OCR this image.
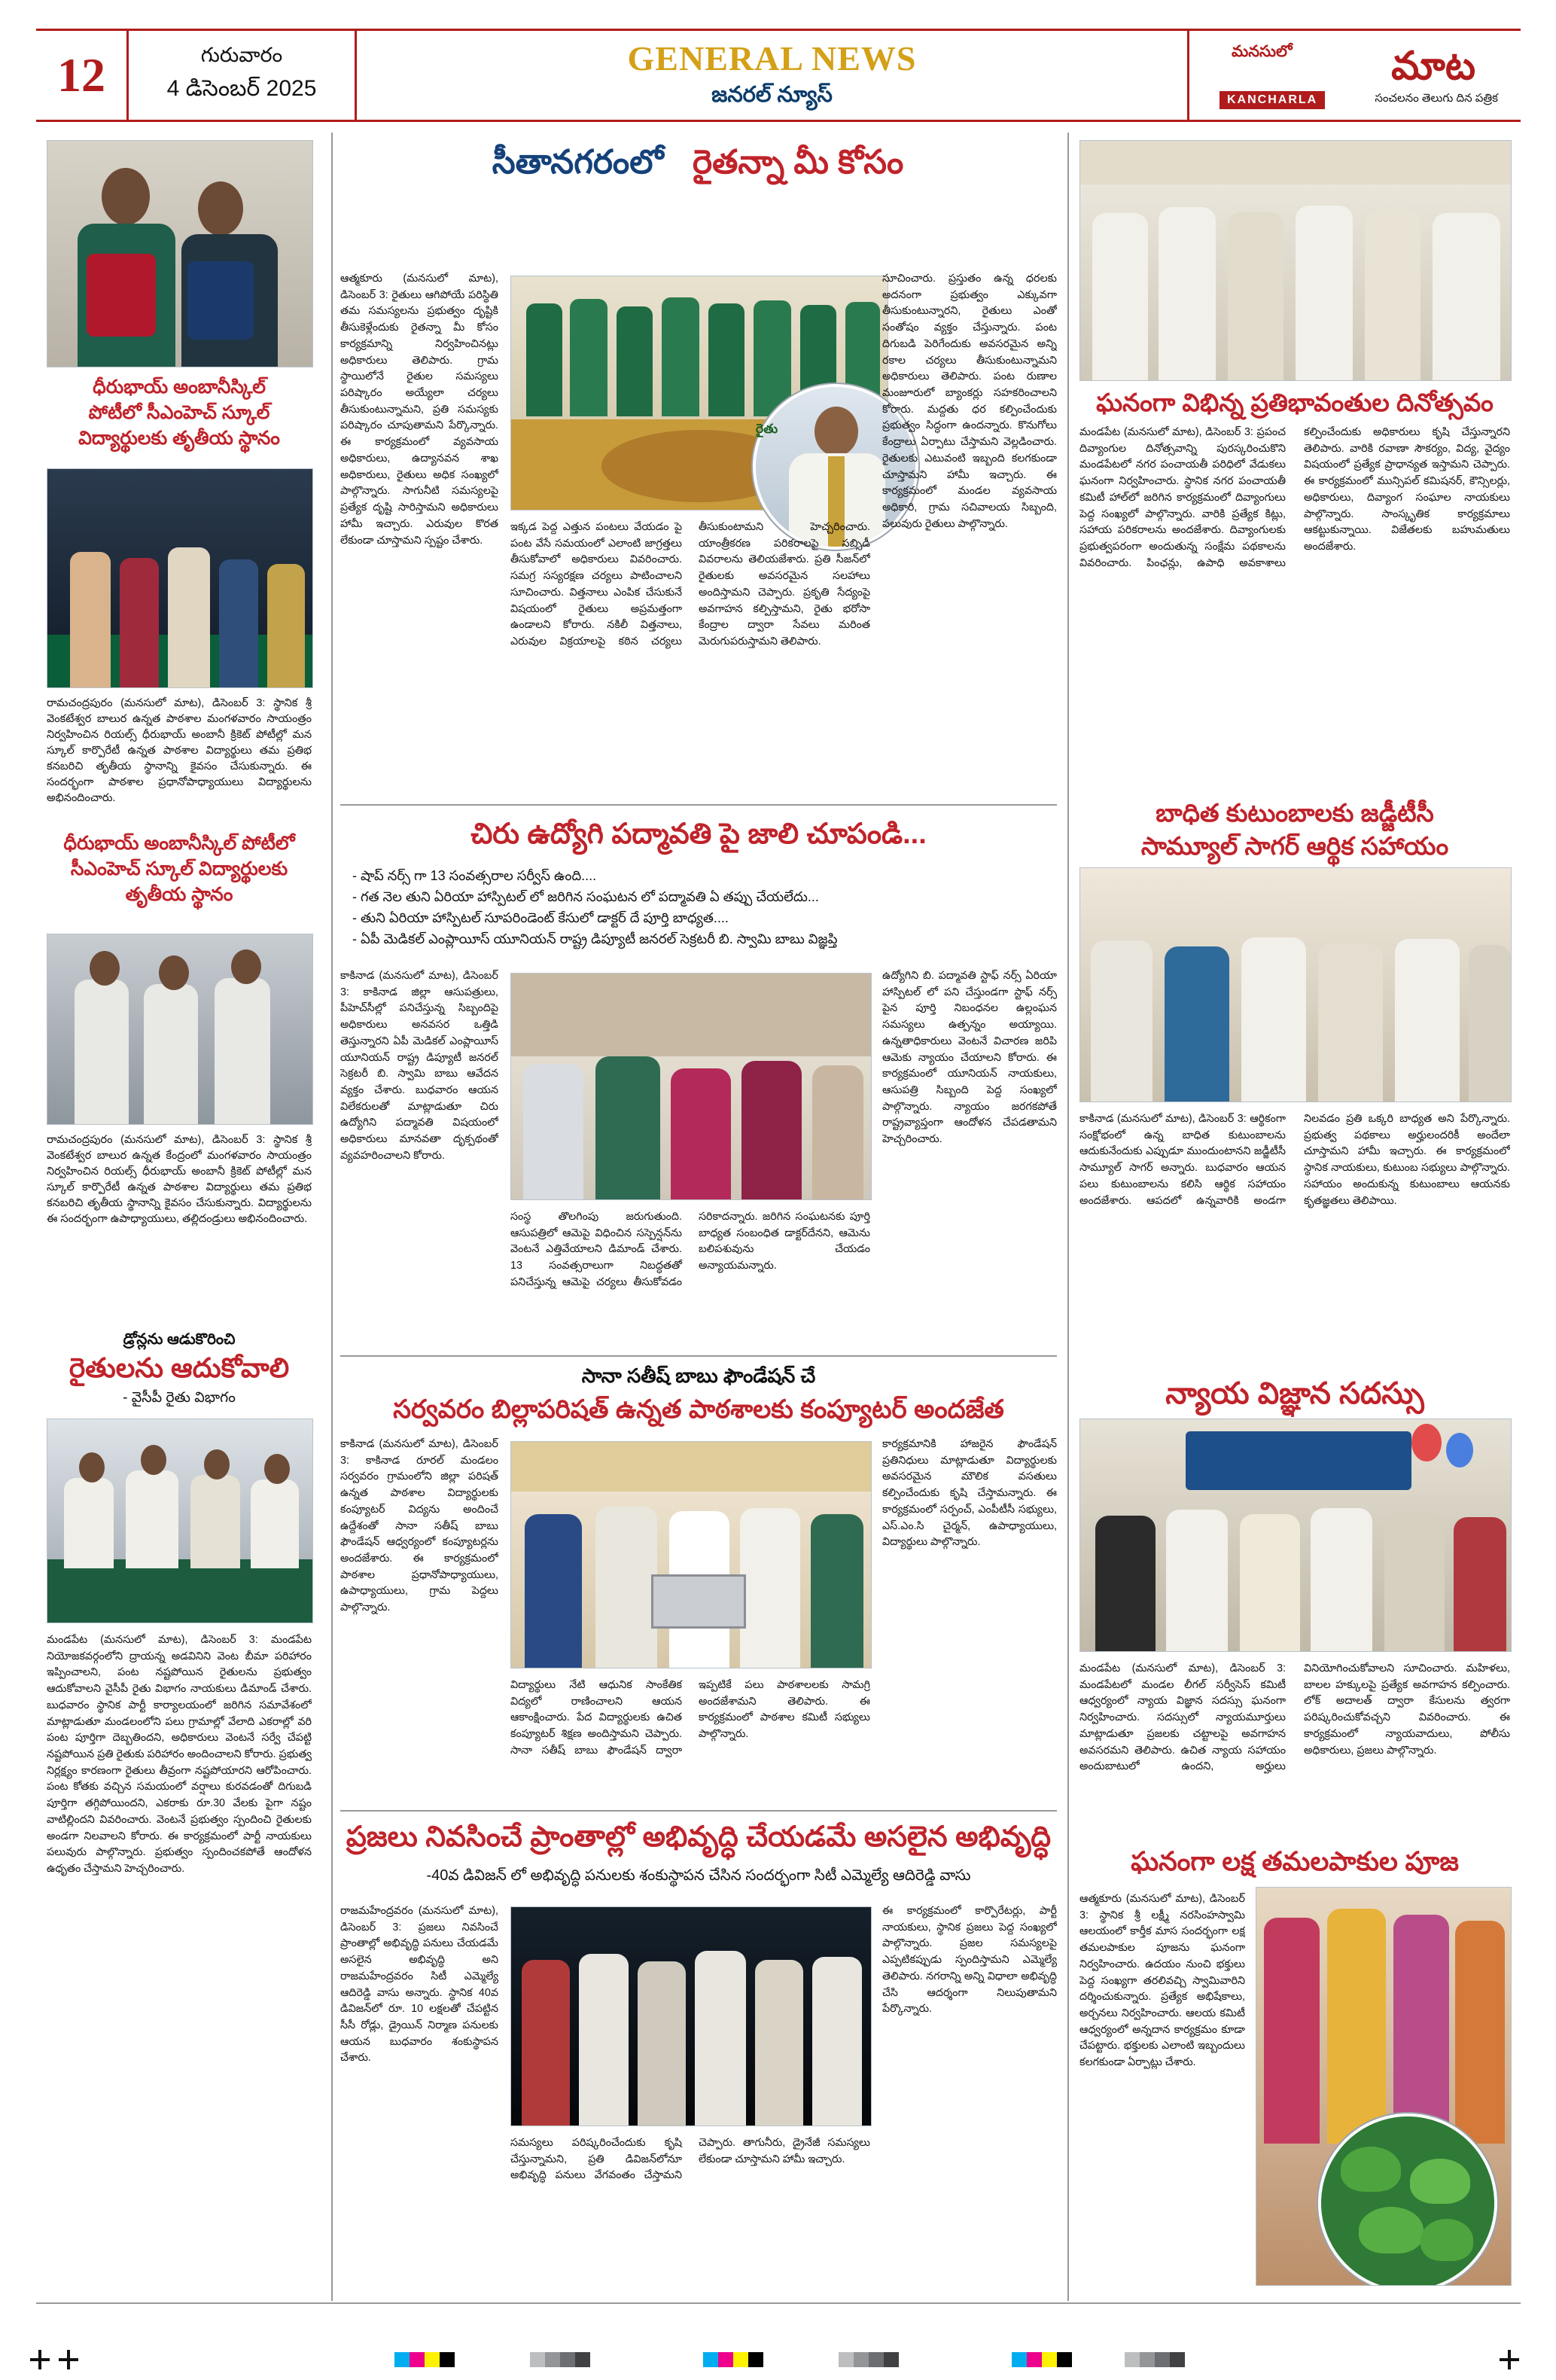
12	గురువారం
4 డిసెంబర్ 2025
GENERAL NEWS
జనరల్ న్యూస్
మనసులో	మాట
KANCHARLA	సంచలనం తెలుగు దిన పత్రిక
ధీరుభాయ్ అంబానీస్కిల్
పోటీలో సీఎంహెచ్ స్కూల్
విద్యార్థులకు తృతీయ స్థానం
రామచంద్రపురం (మనసులో మాట), డిసెంబర్ 3: స్థానిక శ్రీ వెంకటేశ్వర బాలుర ఉన్నత పాఠశాల మంగళవారం సాయంత్రం నిర్వహించిన రియల్స్ ధీరుభాయ్ అంబానీ క్రికెట్ పోటీల్లో మన స్కూల్ కార్పొరేటీ ఉన్నత పాఠశాల విద్యార్థులు తమ ప్రతిభ కనబరిచి తృతీయ స్థానాన్ని కైవసం చేసుకున్నారు. ఈ సందర్భంగా పాఠశాల ప్రధానోపాధ్యాయులు విద్యార్థులను అభినందించారు.
ధీరుభాయ్ అంబానీస్కిల్ పోటీలో
సీఎంహెచ్ స్కూల్ విద్యార్థులకు
తృతీయ స్థానం
రామచంద్రపురం (మనసులో మాట), డిసెంబర్ 3: స్థానిక శ్రీ వెంకటేశ్వర బాలుర ఉన్నత కేంద్రంలో మంగళవారం సాయంత్రం నిర్వహించిన రియల్స్ ధీరుభాయ్ అంబానీ క్రికెట్ పోటీల్లో మన స్కూల్ కార్పొరేటీ ఉన్నత పాఠశాల విద్యార్థులు తమ ప్రతిభ కనబరిచి తృతీయ స్థానాన్ని కైవసం చేసుకున్నారు. విద్యార్థులను ఈ సందర్భంగా ఉపాధ్యాయులు, తల్లిదండ్రులు అభినందించారు.
డ్రోన్లను ఆడుకొరించి
రైతులను ఆదుకోవాలి
- వైసీపీ రైతు విభాగం
మండపేట (మనసులో మాట), డిసెంబర్ 3: మండపేట నియోజకవర్గంలోని ద్రాయన్న అడవినిని వెంట బీమా పరిహారం ఇప్పించాలని, పంట నష్టపోయిన రైతులను ప్రభుత్వం ఆదుకోవాలని వైసీపీ రైతు విభాగం నాయకులు డిమాండ్ చేశారు. బుధవారం స్థానిక పార్టీ కార్యాలయంలో జరిగిన సమావేశంలో మాట్లాడుతూ మండలంలోని పలు గ్రామాల్లో వేలాది ఎకరాల్లో వరి పంట పూర్తిగా దెబ్బతిందని, అధికారులు వెంటనే సర్వే చేపట్టి నష్టపోయిన ప్రతి రైతుకు పరిహారం అందించాలని కోరారు. ప్రభుత్వ నిర్లక్ష్యం కారణంగా రైతులు తీవ్రంగా నష్టపోయారని ఆరోపించారు. పంట కోతకు వచ్చిన సమయంలో వర్షాలు కురవడంతో దిగుబడి పూర్తిగా తగ్గిపోయిందని, ఎకరాకు రూ.30 వేలకు పైగా నష్టం వాటిల్లిందని వివరించారు. వెంటనే ప్రభుత్వం స్పందించి రైతులకు అండగా నిలవాలని కోరారు. ఈ కార్యక్రమంలో పార్టీ నాయకులు పలువురు పాల్గొన్నారు. ప్రభుత్వం స్పందించకపోతే ఆందోళన ఉధృతం చేస్తామని హెచ్చరించారు.
సీతానగరంలో రైతన్నా మీ కోసం
ఆత్మకూరు (మనసులో మాట), డిసెంబర్ 3: రైతులు ఆగిపోయే పరిస్థితి తమ సమస్యలను ప్రభుత్వం దృష్టికి తీసుకెళ్లేందుకు రైతన్నా మీ కోసం కార్యక్రమాన్ని నిర్వహించినట్లు అధికారులు తెలిపారు. గ్రామ స్థాయిలోనే రైతుల సమస్యలు పరిష్కారం అయ్యేలా చర్యలు తీసుకుంటున్నామని, ప్రతి సమస్యకు పరిష్కారం చూపుతామని పేర్కొన్నారు. ఈ కార్యక్రమంలో వ్యవసాయ అధికారులు, ఉద్యానవన శాఖ అధికారులు, రైతులు అధిక సంఖ్యలో పాల్గొన్నారు. సాగునీటి సమస్యలపై ప్రత్యేక దృష్టి సారిస్తామని అధికారులు హామీ ఇచ్చారు. ఎరువుల కొరత లేకుండా చూస్తామని స్పష్టం చేశారు.
రైతు
ఇక్కడ పెద్ద ఎత్తున పంటలు వేయడం పై పంట వేసే సమయంలో ఎలాంటి జాగ్రత్తలు తీసుకోవాలో అధికారులు వివరించారు. సమగ్ర సస్యరక్షణ చర్యలు పాటించాలని సూచించారు. విత్తనాలు ఎంపిక చేసుకునే విషయంలో రైతులు అప్రమత్తంగా ఉండాలని కోరారు. నకిలీ విత్తనాలు, ఎరువుల విక్రయాలపై కఠిన చర్యలు తీసుకుంటామని హెచ్చరించారు. యాంత్రీకరణ పరికరాలపై సబ్సిడీ వివరాలను తెలియజేశారు. ప్రతి సీజన్‌లో రైతులకు అవసరమైన సలహాలు అందిస్తామని చెప్పారు. ప్రకృతి సేద్యంపై అవగాహన కల్పిస్తామని, రైతు భరోసా కేంద్రాల ద్వారా సేవలు మరింత మెరుగుపరుస్తామని తెలిపారు.
సూచించారు. ప్రస్తుతం ఉన్న ధరలకు అదనంగా ప్రభుత్వం ఎక్కువగా తీసుకుంటున్నారని, రైతులు ఎంతో సంతోషం వ్యక్తం చేస్తున్నారు. పంట దిగుబడి పెరిగేందుకు అవసరమైన అన్ని రకాల చర్యలు తీసుకుంటున్నామని అధికారులు తెలిపారు. పంట రుణాల మంజూరులో బ్యాంకర్లు సహకరించాలని కోరారు. మద్దతు ధర కల్పించేందుకు ప్రభుత్వం సిద్ధంగా ఉందన్నారు. కొనుగోలు కేంద్రాలు ఏర్పాటు చేస్తామని వెల్లడించారు. రైతులకు ఎటువంటి ఇబ్బంది కలగకుండా చూస్తామని హామీ ఇచ్చారు. ఈ కార్యక్రమంలో మండల వ్యవసాయ అధికారి, గ్రామ సచివాలయ సిబ్బంది, పలువురు రైతులు పాల్గొన్నారు.
చిరు ఉద్యోగి పద్మావతి పై జాలి చూపండి...
- షాప్ నర్స్ గా 13 సంవత్సరాల సర్వీస్ ఉంది....
- గత నెల తుని ఏరియా హాస్పిటల్ లో జరిగిన సంఘటన లో పద్మావతి ఏ తప్పు చేయలేదు...
- తుని ఏరియా హాస్పిటల్ సూపరిండెంట్ కేసులో డాక్టర్ దే పూర్తి బాధ్యత....
- ఏపీ మెడికల్ ఎంప్లాయీస్ యూనియన్ రాష్ట్ర డిప్యూటీ జనరల్ సెక్రటరీ బి. స్వామి బాబు విజ్ఞప్తి
కాకినాడ (మనసులో మాట), డిసెంబర్ 3: కాకినాడ జిల్లా ఆసుపత్రులు, పీహెచ్‌సీల్లో పనిచేస్తున్న సిబ్బందిపై అధికారులు అనవసర ఒత్తిడి తెస్తున్నారని ఏపీ మెడికల్ ఎంప్లాయీస్ యూనియన్ రాష్ట్ర డిప్యూటీ జనరల్ సెక్రటరీ బి. స్వామి బాబు ఆవేదన వ్యక్తం చేశారు. బుధవారం ఆయన విలేకరులతో మాట్లాడుతూ చిరు ఉద్యోగిని పద్మావతి విషయంలో అధికారులు మానవతా దృక్పథంతో వ్యవహరించాలని కోరారు.
సంస్థ తొలగింపు జరుగుతుంది. ఆసుపత్రిలో ఆమెపై విధించిన సస్పెన్షన్‌ను వెంటనే ఎత్తివేయాలని డిమాండ్ చేశారు. 13 సంవత్సరాలుగా నిబద్ధతతో పనిచేస్తున్న ఆమెపై చర్యలు తీసుకోవడం సరికాదన్నారు. జరిగిన సంఘటనకు పూర్తి బాధ్యత సంబంధిత డాక్టర్‌దేనని, ఆమెను బలిపశువును చేయడం అన్యాయమన్నారు.
ఉద్యోగిని బి. పద్మావతి స్టాఫ్ నర్స్ ఏరియా హాస్పిటల్ లో పని చేస్తుండగా స్టాఫ్ నర్స్ పైన పూర్తి నిబంధనల ఉల్లంఘన సమస్యలు ఉత్పన్నం అయ్యాయి. ఉన్నతాధికారులు వెంటనే విచారణ జరిపి ఆమెకు న్యాయం చేయాలని కోరారు. ఈ కార్యక్రమంలో యూనియన్ నాయకులు, ఆసుపత్రి సిబ్బంది పెద్ద సంఖ్యలో పాల్గొన్నారు. న్యాయం జరగకపోతే రాష్ట్రవ్యాప్తంగా ఆందోళన చేపడతామని హెచ్చరించారు.
సానా సతీష్ బాబు ఫౌండేషన్ చే
సర్వవరం బిల్లాపరిషత్ ఉన్నత పాఠశాలకు కంప్యూటర్ అందజేత
కాకినాడ (మనసులో మాట), డిసెంబర్ 3: కాకినాడ రూరల్ మండలం సర్వవరం గ్రామంలోని జిల్లా పరిషత్ ఉన్నత పాఠశాల విద్యార్థులకు కంప్యూటర్ విద్యను అందించే ఉద్దేశంతో సానా సతీష్ బాబు ఫౌండేషన్ ఆధ్వర్యంలో కంప్యూటర్లను అందజేశారు. ఈ కార్యక్రమంలో పాఠశాల ప్రధానోపాధ్యాయులు, ఉపాధ్యాయులు, గ్రామ పెద్దలు పాల్గొన్నారు.
విద్యార్థులు నేటి ఆధునిక సాంకేతిక విద్యలో రాణించాలని ఆయన ఆకాంక్షించారు. పేద విద్యార్థులకు ఉచిత కంప్యూటర్ శిక్షణ అందిస్తామని చెప్పారు. సానా సతీష్ బాబు ఫౌండేషన్ ద్వారా ఇప్పటికే పలు పాఠశాలలకు సామగ్రి అందజేశామని తెలిపారు. ఈ కార్యక్రమంలో పాఠశాల కమిటీ సభ్యులు పాల్గొన్నారు.
కార్యక్రమానికి హాజరైన ఫౌండేషన్ ప్రతినిధులు మాట్లాడుతూ విద్యార్థులకు అవసరమైన మౌలిక వసతులు కల్పించేందుకు కృషి చేస్తామన్నారు. ఈ కార్యక్రమంలో సర్పంచ్, ఎంపీటీసీ సభ్యులు, ఎస్.ఎం.సి చైర్మన్, ఉపాధ్యాయులు, విద్యార్థులు పాల్గొన్నారు.
ప్రజలు నివసించే ప్రాంతాల్లో అభివృద్ధి చేయడమే అసలైన అభివృద్ధి
-40వ డివిజన్ లో అభివృద్ధి పనులకు శంకుస్థాపన చేసిన సందర్భంగా సిటీ ఎమ్మెల్యే ఆదిరెడ్డి వాసు
రాజమహేంద్రవరం (మనసులో మాట), డిసెంబర్ 3: ప్రజలు నివసించే ప్రాంతాల్లో అభివృద్ధి పనులు చేయడమే అసలైన అభివృద్ధి అని రాజమహేంద్రవరం సిటీ ఎమ్మెల్యే ఆదిరెడ్డి వాసు అన్నారు. స్థానిక 40వ డివిజన్‌లో రూ. 10 లక్షలతో చేపట్టిన సీసీ రోడ్లు, డ్రైయిన్ నిర్మాణ పనులకు ఆయన బుధవారం శంకుస్థాపన చేశారు.
సమస్యలు పరిష్కరించేందుకు కృషి చేస్తున్నామని, ప్రతి డివిజన్‌లోనూ అభివృద్ధి పనులు వేగవంతం చేస్తామని చెప్పారు. తాగునీరు, డ్రైనేజీ సమస్యలు లేకుండా చూస్తామని హామీ ఇచ్చారు.
ఈ కార్యక్రమంలో కార్పొరేటర్లు, పార్టీ నాయకులు, స్థానిక ప్రజలు పెద్ద సంఖ్యలో పాల్గొన్నారు. ప్రజల సమస్యలపై ఎప్పటికప్పుడు స్పందిస్తామని ఎమ్మెల్యే తెలిపారు. నగరాన్ని అన్ని విధాలా అభివృద్ధి చేసి ఆదర్శంగా నిలుపుతామని పేర్కొన్నారు.
ఘనంగా విభిన్న ప్రతిభావంతుల దినోత్సవం
మండపేట (మనసులో మాట), డిసెంబర్ 3: ప్రపంచ దివ్యాంగుల దినోత్సవాన్ని పురస్కరించుకొని మండపేటలో నగర పంచాయతీ పరిధిలో వేడుకలు ఘనంగా నిర్వహించారు. స్థానిక నగర పంచాయతీ కమిటీ హాల్‌లో జరిగిన కార్యక్రమంలో దివ్యాంగులు పెద్ద సంఖ్యలో పాల్గొన్నారు. వారికి ప్రత్యేక కిట్లు, సహాయ పరికరాలను అందజేశారు. దివ్యాంగులకు ప్రభుత్వపరంగా అందుతున్న సంక్షేమ పథకాలను వివరించారు. పింఛన్లు, ఉపాధి అవకాశాలు కల్పించేందుకు అధికారులు కృషి చేస్తున్నారని తెలిపారు. వారికి రవాణా సౌకర్యం, విద్య, వైద్యం విషయంలో ప్రత్యేక ప్రాధాన్యత ఇస్తామని చెప్పారు. ఈ కార్యక్రమంలో మున్సిపల్ కమిషనర్, కౌన్సిలర్లు, అధికారులు, దివ్యాంగ సంఘాల నాయకులు పాల్గొన్నారు. సాంస్కృతిక కార్యక్రమాలు ఆకట్టుకున్నాయి. విజేతలకు బహుమతులు అందజేశారు.
బాధిత కుటుంబాలకు జడ్జీటీసీ
సామ్యూల్ సాగర్ ఆర్థిక సహాయం
కాకినాడ (మనసులో మాట), డిసెంబర్ 3: ఆర్థికంగా సంక్షోభంలో ఉన్న బాధిత కుటుంబాలను ఆదుకునేందుకు ఎప్పుడూ ముందుంటానని జడ్జీటీసీ సామ్యూల్ సాగర్ అన్నారు. బుధవారం ఆయన పలు కుటుంబాలను కలిసి ఆర్థిక సహాయం అందజేశారు. ఆపదలో ఉన్నవారికి అండగా నిలవడం ప్రతి ఒక్కరి బాధ్యత అని పేర్కొన్నారు. ప్రభుత్వ పథకాలు అర్హులందరికీ అందేలా చూస్తామని హామీ ఇచ్చారు. ఈ కార్యక్రమంలో స్థానిక నాయకులు, కుటుంబ సభ్యులు పాల్గొన్నారు. సహాయం అందుకున్న కుటుంబాలు ఆయనకు కృతజ్ఞతలు తెలిపాయి.
న్యాయ విజ్ఞాన సదస్సు
మండపేట (మనసులో మాట), డిసెంబర్ 3: మండపేటలో మండల లీగల్ సర్వీసెస్ కమిటీ ఆధ్వర్యంలో న్యాయ విజ్ఞాన సదస్సు ఘనంగా నిర్వహించారు. సదస్సులో న్యాయమూర్తులు మాట్లాడుతూ ప్రజలకు చట్టాలపై అవగాహన అవసరమని తెలిపారు. ఉచిత న్యాయ సహాయం అందుబాటులో ఉందని, అర్హులు వినియోగించుకోవాలని సూచించారు. మహిళలు, బాలల హక్కులపై ప్రత్యేక అవగాహన కల్పించారు. లోక్ అదాలత్ ద్వారా కేసులను త్వరగా పరిష్కరించుకోవచ్చని వివరించారు. ఈ కార్యక్రమంలో న్యాయవాదులు, పోలీసు అధికారులు, ప్రజలు పాల్గొన్నారు.
ఘనంగా లక్ష తమలపాకుల పూజ
ఆత్మకూరు (మనసులో మాట), డిసెంబర్ 3: స్థానిక శ్రీ లక్ష్మీ నరసింహస్వామి ఆలయంలో కార్తీక మాస సందర్భంగా లక్ష తమలపాకుల పూజను ఘనంగా నిర్వహించారు. ఉదయం నుంచి భక్తులు పెద్ద సంఖ్యగా తరలివచ్చి స్వామివారిని దర్శించుకున్నారు. ప్రత్యేక అభిషేకాలు, అర్చనలు నిర్వహించారు. ఆలయ కమిటీ ఆధ్వర్యంలో అన్నదాన కార్యక్రమం కూడా చేపట్టారు. భక్తులకు ఎలాంటి ఇబ్బందులు కలగకుండా ఏర్పాట్లు చేశారు.
